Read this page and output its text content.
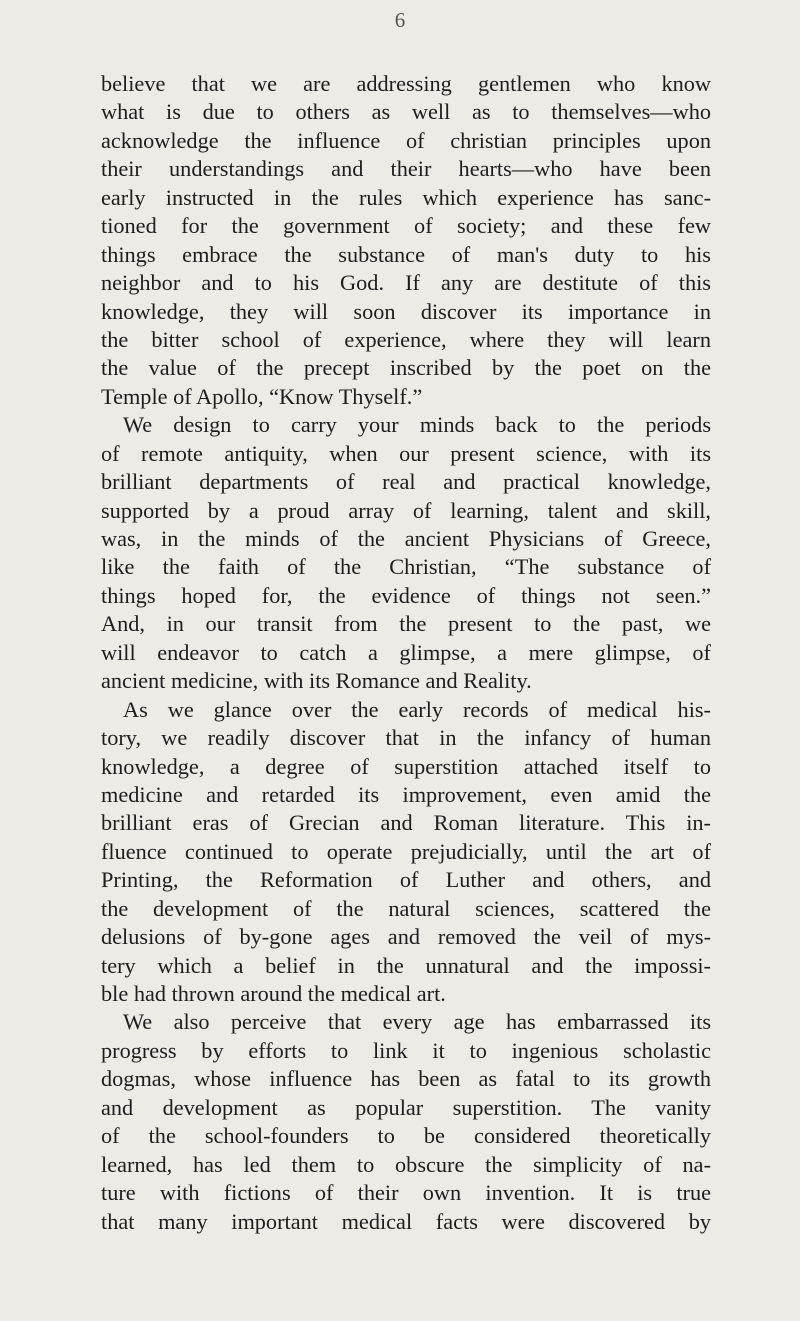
6
believe that we are addressing gentlemen who know
what is due to others as well as to themselves—who
acknowledge the influence of christian principles upon
their understandings and their hearts—who have been
early instructed in the rules which experience has sanc-
tioned for the government of society; and these few
things embrace the substance of man's duty to his
neighbor and to his God. If any are destitute of this
knowledge, they will soon discover its importance in
the bitter school of experience, where they will learn
the value of the precept inscribed by the poet on the
Temple of Apollo, “Know Thyself.”
We design to carry your minds back to the periods
of remote antiquity, when our present science, with its
brilliant departments of real and practical knowledge,
supported by a proud array of learning, talent and skill,
was, in the minds of the ancient Physicians of Greece,
like the faith of the Christian, “The substance of
things hoped for, the evidence of things not seen.”
And, in our transit from the present to the past, we
will endeavor to catch a glimpse, a mere glimpse, of
ancient medicine, with its Romance and Reality.
As we glance over the early records of medical his-
tory, we readily discover that in the infancy of human
knowledge, a degree of superstition attached itself to
medicine and retarded its improvement, even amid the
brilliant eras of Grecian and Roman literature. This in-
fluence continued to operate prejudicially, until the art of
Printing, the Reformation of Luther and others, and
the development of the natural sciences, scattered the
delusions of by-gone ages and removed the veil of mys-
tery which a belief in the unnatural and the impossi-
ble had thrown around the medical art.
We also perceive that every age has embarrassed its
progress by efforts to link it to ingenious scholastic
dogmas, whose influence has been as fatal to its growth
and development as popular superstition. The vanity
of the school-founders to be considered theoretically
learned, has led them to obscure the simplicity of na-
ture with fictions of their own invention. It is true
that many important medical facts were discovered by
